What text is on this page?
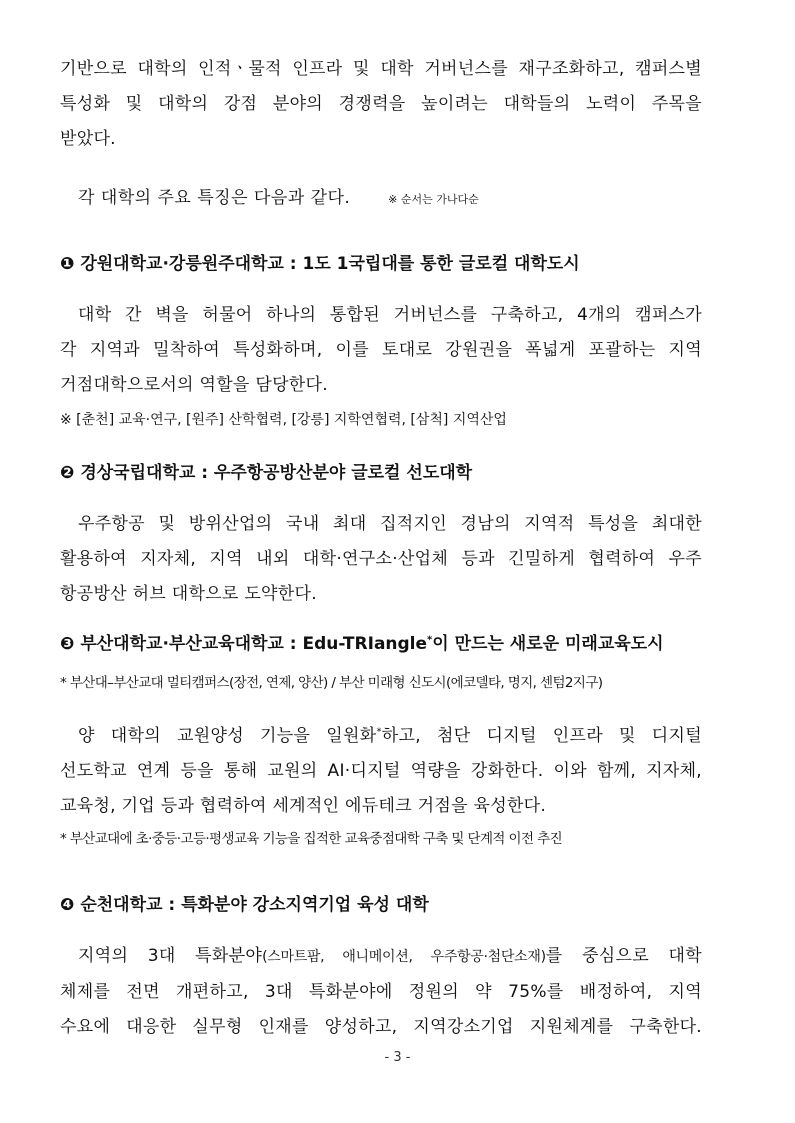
기반으로 대학의 인적ㆍ물적 인프라 및 대학 거버넌스를 재구조화하고, 캠퍼스별
특성화 및 대학의 강점 분야의 경쟁력을 높이려는 대학들의 노력이 주목을
받았다.
각 대학의 주요 특징은 다음과 같다.	※ 순서는 가나다순
❶ 강원대학교·강릉원주대학교 : 1도 1국립대를 통한 글로컬 대학도시
대학 간 벽을 허물어 하나의 통합된 거버넌스를 구축하고, 4개의 캠퍼스가
각 지역과 밀착하여 특성화하며, 이를 토대로 강원권을 폭넓게 포괄하는 지역
거점대학으로서의 역할을 담당한다.
※ [춘천] 교육·연구, [원주] 산학협력, [강릉] 지학연협력, [삼척] 지역산업
❷ 경상국립대학교 : 우주항공방산분야 글로컬 선도대학
우주항공 및 방위산업의 국내 최대 집적지인 경남의 지역적 특성을 최대한
활용하여 지자체, 지역 내외 대학·연구소·산업체 등과 긴밀하게 협력하여 우주
항공방산 허브 대학으로 도약한다.
❸ 부산대학교·부산교육대학교 : Edu-TRIangle*이 만드는 새로운 미래교육도시
* 부산대–부산교대 멀티캠퍼스(장전, 연제, 양산) / 부산 미래형 신도시(에코델타, 명지, 센텀2지구)
양 대학의 교원양성 기능을 일원화*하고, 첨단 디지털 인프라 및 디지털
선도학교 연계 등을 통해 교원의 AI·디지털 역량을 강화한다. 이와 함께, 지자체,
교육청, 기업 등과 협력하여 세계적인 에듀테크 거점을 육성한다.
* 부산교대에 초·중등·고등·평생교육 기능을 집적한 교육중점대학 구축 및 단계적 이전 추진
❹ 순천대학교 : 특화분야 강소지역기업 육성 대학
지역의 3대 특화분야(스마트팜, 애니메이션, 우주항공·첨단소재)를 중심으로 대학
체제를 전면 개편하고, 3대 특화분야에 정원의 약 75%를 배정하여, 지역
수요에 대응한 실무형 인재를 양성하고, 지역강소기업 지원체계를 구축한다.
- 3 -
